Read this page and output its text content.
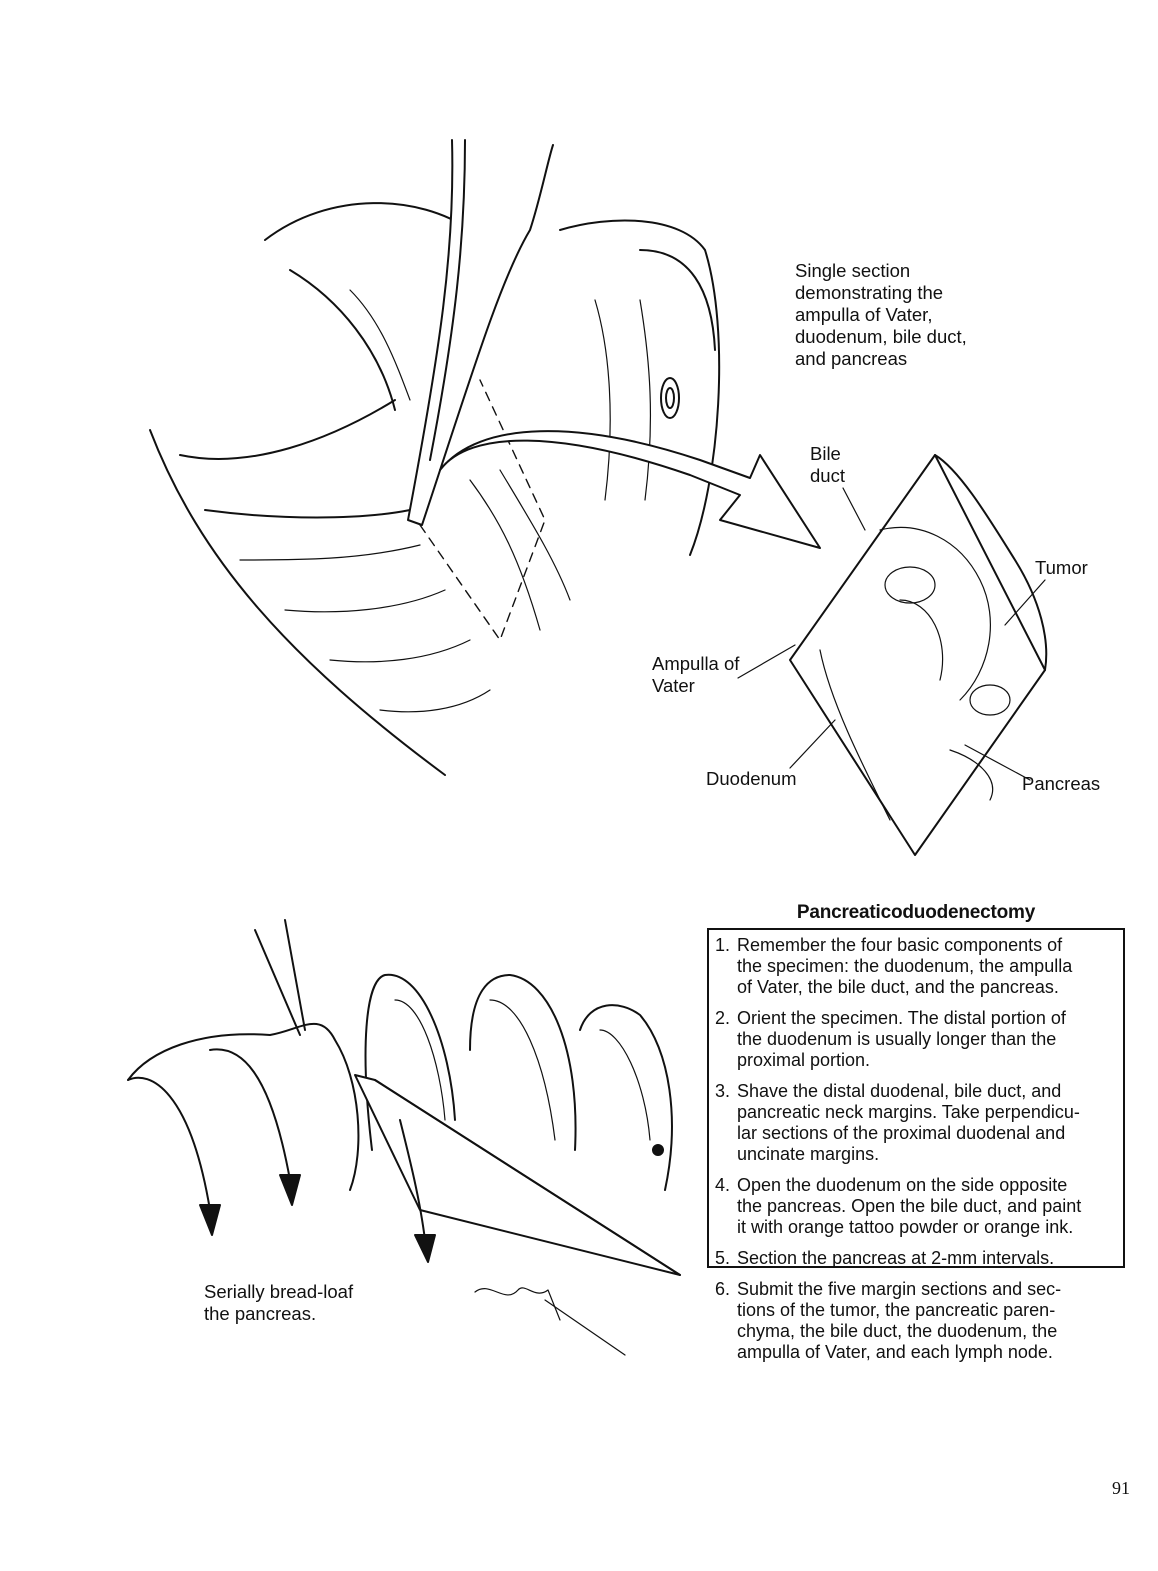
Single section
demonstrating the
ampulla of Vater,
duodenum, bile duct,
and pancreas
Bile
duct
Tumor
Ampulla of
Vater
Duodenum	Pancreas
Serially bread-loaf
the pancreas.
Pancreaticoduodenectomy
1. Remember the four basic components of
the specimen: the duodenum, the ampulla
of Vater, the bile duct, and the pancreas.
2. Orient the specimen. The distal portion of
the duodenum is usually longer than the
proximal portion.
3. Shave the distal duodenal, bile duct, and
pancreatic neck margins. Take perpendicu-
lar sections of the proximal duodenal and
uncinate margins.
4. Open the duodenum on the side opposite
the pancreas. Open the bile duct, and paint
it with orange tattoo powder or orange ink.
5. Section the pancreas at 2-mm intervals.
6. Submit the five margin sections and sec-
tions of the tumor, the pancreatic paren-
chyma, the bile duct, the duodenum, the
ampulla of Vater, and each lymph node.
91
